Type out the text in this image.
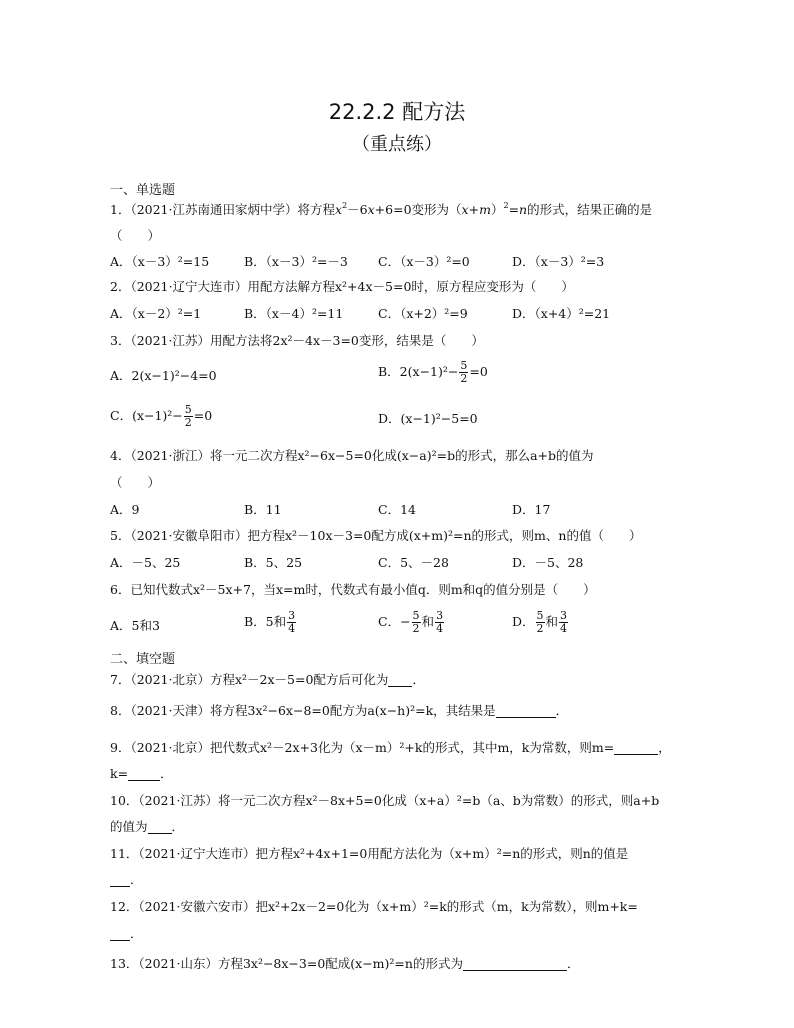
22.2.2 配方法
（重点练）
一、单选题
1．（2021·江苏南通田家炳中学）将方程$x^2-6x+6=0$变形为$(x+m)^2=n$的形式，结果正确的是
（　　）
A．（x－3）²=15	B．（x－3）²=－3 C．（x－3）²=0	D．（x－3）²=3
2．（2021·辽宁大连市）用配方法解方程x²+4x－5=0时，原方程应变形为（　　）
A．（x－2）²=1	B．（x－4）²=11	C．（x+2）²=9	D．（x+4）²=21
3．（2021·江苏）用配方法将2x²－4x－3=0变形，结果是（　　）
A．2(x−1)²−4=0	B．$2(x-1)^2- \frac{5}{2} =0$
C．$(x-1)^2- \frac{5}{2} =0$	D．(x−1)²−5=0
4．（2021·浙江）将一元二次方程x²−6x−5=0化成(x−a)²=b的形式，那么a+b的值为
（　　）
A．9	B．11	C．14	D．17
5．（2021·安徽阜阳市）把方程x²－10x－3=0配方成(x+m)²=n的形式，则m、n的值（　　）
A．－5、25	B．5、25	C．5、－28	D．－5、28
6．已知代数式x²－5x+7，当x=m时，代数式有最小值q．则m和q的值分别是（　　）
A．5和3	B．5和 $\frac{3}{4}$	C．− $\frac{5}{2}$ 和 $\frac{3}{4}$	D． $\frac{5}{2}$ 和 $\frac{3}{4}$
二、填空题
7．（2021·北京）方程x²－2x－5=0配方后可化为 ．
8．（2021·天津）将方程3x²−6x−8=0配方为a(x−h)²=k，其结果是	．
9．（2021·北京）把代数式x²－2x+3化为（x－m）²+k的形式，其中m，k为常数，则m=	，
k=	．
10．（2021·江苏）将一元二次方程x²－8x+5=0化成（x+a）²=b（a、b为常数）的形式，则a+b
的值为 ．
11．（2021·辽宁大连市）把方程x²+4x+1=0用配方法化为（x+m）²=n的形式，则n的值是
．
12．（2021·安徽六安市）把x²+2x－2=0化为（x+m）²=k的形式（m，k为常数），则m+k=
．
13．（2021·山东）方程3x²−8x−3=0配成(x−m)²=n的形式为	．
